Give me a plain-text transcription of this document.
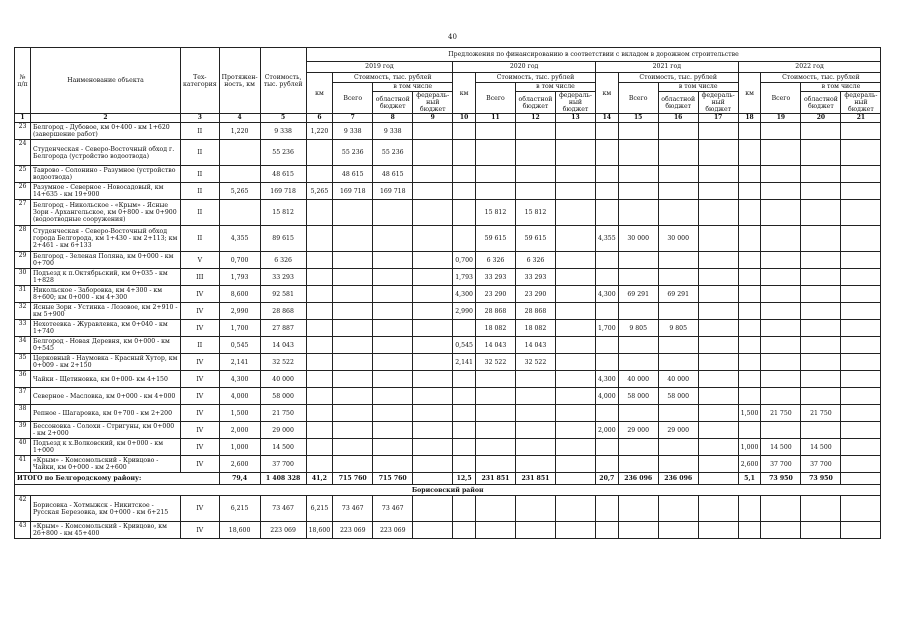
40
№ п/п	Наименование объекта	Тех-категория	Протяжен-ность, км	Стоимость, тыс. рублей	Предложения по финансированию в соответствии с вкладом в дорожном строительстве															
					2019 год				2020 год				2021 год				2022 год			
					км	Стоимость, тыс. рублей			км	Стоимость, тыс. рублей			км	Стоимость, тыс. рублей			км	Стоимость, тыс. рублей		
						Всего	в том числе			Всего	в том числе			Всего	в том числе			Всего	в том числе	
							областной бюджет	федераль-ный бюджет			областной бюджет	федераль-ный бюджет			областной бюджет	федераль-ный бюджет			областной бюджет	федераль-ный бюджет
1	2	3	4	5	6	7	8	9	10	11	12	13	14	15	16	17	18	19	20	21
23	Белгород - Дубовое, км 0+400 - км 1+620 (завершение работ)	II	1,220	9 338	1,220	9 338	9 338													
24	Студенческая - Северо-Восточный обход г. Белгорода (устройство водоотвода)	II		55 236		55 236	55 236													
25	Таврово - Солонино - Разумное (устройство водоотвода)	II		48 615		48 615	48 615													
26	Разумное - Северное - Новосадовый, км 14+635 - км 19+900	II	5,265	169 718	5,265	169 718	169 718													
27	Белгород - Никольское - «Крым» - Ясные Зори - Архангельское, км 0+800 - км 0+900 (водоотводные сооружения)	II		15 812						15 812	15 812									
28	Студенческая - Северо-Восточный обход города Белгорода, км 1+430 - км 2+113; км 2+461 - км 6+133	II	4,355	89 615						59 615	59 615		4,355	30 000	30 000					
29	Белгород - Зеленая Поляна, км 0+000 - км 0+700	V	0,700	6 326					0,700	6 326	6 326									
30	Подъезд к п.Октябрьский, км 0+035 - км 1+828	III	1,793	33 293					1,793	33 293	33 293									
31	Никольское - Заборовка, км 4+300 - км 8+600; км 0+000 - км 4+300	IV	8,600	92 581					4,300	23 290	23 290		4,300	69 291	69 291					
32	Ясные Зори - Устинка - Лозовое, км 2+910 - км 5+900	IV	2,990	28 868					2,990	28 868	28 868									
33	Нехотеевка - Журавлевка, км 0+040 - км 1+740	IV	1,700	27 887						18 082	18 082		1,700	9 805	9 805					
34	Белгород - Новая Деревня, км 0+000 - км 0+545	II	0,545	14 043					0,545	14 043	14 043									
35	Церковный - Наумовка - Красный Хутор, км 0+009 - км 2+150	IV	2,141	32 522					2,141	32 522	32 522									
36	Чайки - Щетиновка, км 0+000- км 4+150	IV	4,300	40 000									4,300	40 000	40 000					
37	Северное - Масловка, км 0+000 - км 4+000	IV	4,000	58 000									4,000	58 000	58 000					
38	Репное - Шагаровка, км 0+700 - км 2+200	IV	1,500	21 750													1,500	21 750	21 750	
39	Бессоновка - Солохи - Стригуны, км 0+000 - км 2+000	IV	2,000	29 000									2,000	29 000	29 000					
40	Подъезд к х.Волковский, км 0+000 - км 1+000	IV	1,000	14 500													1,000	14 500	14 500	
41	«Крым» - Комсомольский - Кривцово - Чайки, км 0+000 - км 2+600	IV	2,600	37 700													2,600	37 700	37 700	
ИТОГО по Белгородскому району:			79,4	1 408 328	41,2	715 760	715 760		12,5	231 851	231 851		20,7	236 096	236 096		5,1	73 950	73 950	
Борисовский район																				
42	Борисовка - Хотмыжск - Никитское - Русская Березовка, км 0+000 - км 6+215	IV	6,215	73 467	6,215	73 467	73 467													
43	«Крым» - Комсомольский - Кривцово, км 26+800 - км 45+400	IV	18,600	223 069	18,600	223 069	223 069													
